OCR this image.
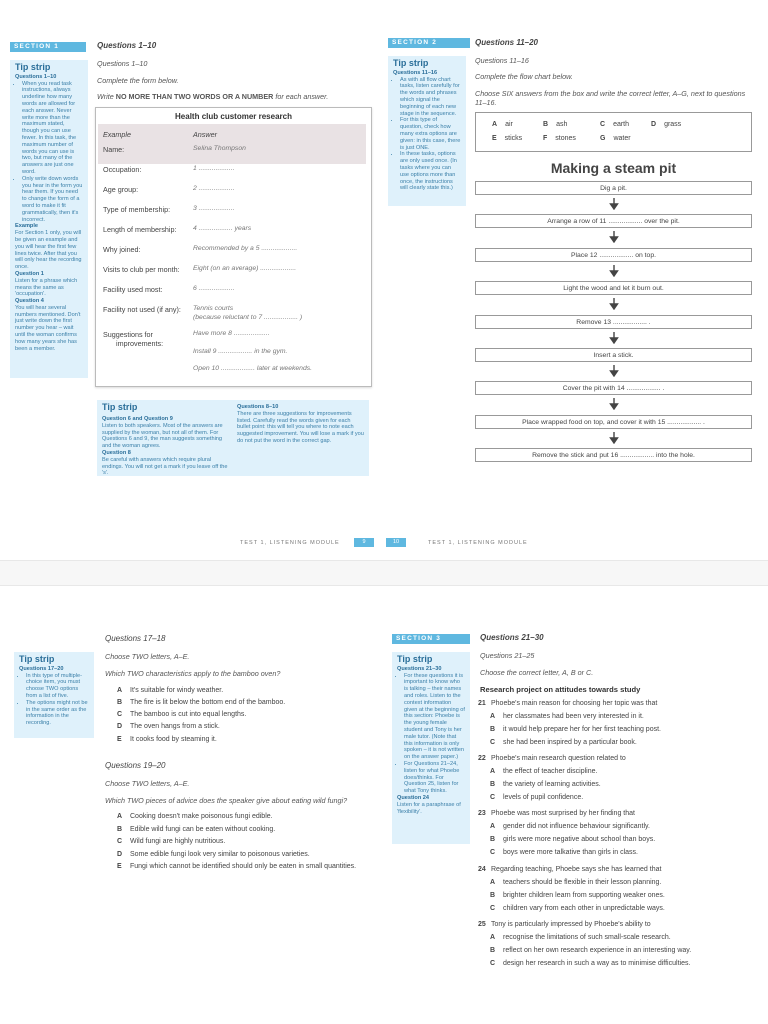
SECTION 1	Questions 1–10
Questions 1–10
Complete the form below.
Write NO MORE THAN TWO WORDS OR A NUMBER for each answer.
Tip strip
Questions 1–10
• When you read task instructions, always underline how many words are allowed for each answer. Never write more than the maximum stated, though you can use fewer. In this task, the maximum number of words you can use is two, but many of the answers are just one word.
• Only write down words you hear in the form you hear them. If you need to change the form of a word to make it fit grammatically, then it's incorrect.
Example
For Section 1 only, you will be given an example and you will hear the first few lines twice. After that you will only hear the recording once.
Question 1
Listen for a phrase which means the same as 'occupation'.
Question 4
You will hear several numbers mentioned. Don't just write down the first number you hear – wait until the woman confirms how many years she has been a member.
Health club customer research
Example	Answer
Name:	Selina Thompson
Occupation:	1 ...................
Age group:	2 ...................
Type of membership:	3 ...................
Length of membership: 4 .................. years
Why joined:	Recommended by a 5 ...................
Visits to club per month: Eight (on an average) ...................
Facility used most:	6 ...................
Facility not used (if any): Tennis courts
(because reluctant to 7 .................. )
Suggestions for	Have more 8 ...................
improvements:
Install 9 .................. in the gym.
Open 10 .................. later at weekends.
Tip strip
Question 6 and Question 9
Listen to both speakers. Most of the answers are supplied by the woman, but not all of them. For Questions 6 and 9, the man suggests something and the woman agrees.
Question 8
Be careful with answers which require plural endings. You will not get a mark if you leave off the 's'.
Questions 8–10
There are three suggestions for improvements listed. Carefully read the words given for each bullet point: this will tell you where to note each suggested improvement. You will lose a mark if you do not put the word in the correct gap.
SECTION 2	Questions 11–20
Questions 11–16
Complete the flow chart below.
Choose SIX answers from the box and write the correct letter, A–G, next to questions 11–16.
Tip strip
Questions 11–16
• As with all flow chart tasks, listen carefully for the words and phrases which signal the beginning of each new stage in the sequence.
• For this type of question, check how many extra options are given: in this case, there is just ONE.
• In these tasks, options are only used once. (In tasks where you can use options more than once, the instructions will clearly state this.)
A air	B ash	C earth	D grass
E sticks	F stones	G water
Making a steam pit
Dig a pit.
Arrange a row of 11 .................. over the pit.
Place 12 .................. on top.
Light the wood and let it burn out.
Remove 13 .................. .
Insert a stick.
Cover the pit with 14 .................. .
Place wrapped food on top, and cover it with 15 .................. .
Remove the stick and put 16 .................. into the hole.
TEST 1, LISTENING MODULE	9	10	TEST 1, LISTENING MODULE
Questions 17–18
Choose TWO letters, A–E.
Which TWO characteristics apply to the bamboo oven?
A It's suitable for windy weather.
B The fire is lit below the bottom end of the bamboo.
C The bamboo is cut into equal lengths.
D The oven hangs from a stick.
E It cooks food by steaming it.
Questions 19–20
Choose TWO letters, A–E.
Which TWO pieces of advice does the speaker give about eating wild fungi?
A Cooking doesn't make poisonous fungi edible.
B Edible wild fungi can be eaten without cooking.
C Wild fungi are highly nutritious.
D Some edible fungi look very similar to poisonous varieties.
E Fungi which cannot be identified should only be eaten in small quantities.
Tip strip
Questions 17–20
• In this type of multiple-choice item, you must choose TWO options from a list of five.
• The options might not be in the same order as the information in the recording.
SECTION 3	Questions 21–30
Questions 21–25
Choose the correct letter, A, B or C.
Research project on attitudes towards study
Tip strip
Questions 21–30
• For these questions it is important to know who is talking – their names and roles. Listen to the context information given at the beginning of this section: Phoebe is the young female student and Tony is her male tutor. (Note that this information is only spoken – it is not written on the answer paper.)
• For Questions 21–24, listen for what Phoebe does/thinks. For Question 25, listen for what Tony thinks.
Question 24
Listen for a paraphrase of 'flexibility'.
21 Phoebe's main reason for choosing her topic was that
A her classmates had been very interested in it.
B it would help prepare her for her first teaching post.
C she had been inspired by a particular book.
22 Phoebe's main research question related to
A the effect of teacher discipline.
B the variety of learning activities.
C levels of pupil confidence.
23 Phoebe was most surprised by her finding that
A gender did not influence behaviour significantly.
B girls were more negative about school than boys.
C boys were more talkative than girls in class.
24 Regarding teaching, Phoebe says she has learned that
A teachers should be flexible in their lesson planning.
B brighter children learn from supporting weaker ones.
C children vary from each other in unpredictable ways.
25 Tony is particularly impressed by Phoebe's ability to
A recognise the limitations of such small-scale research.
B reflect on her own research experience in an interesting way.
C design her research in such a way as to minimise difficulties.
